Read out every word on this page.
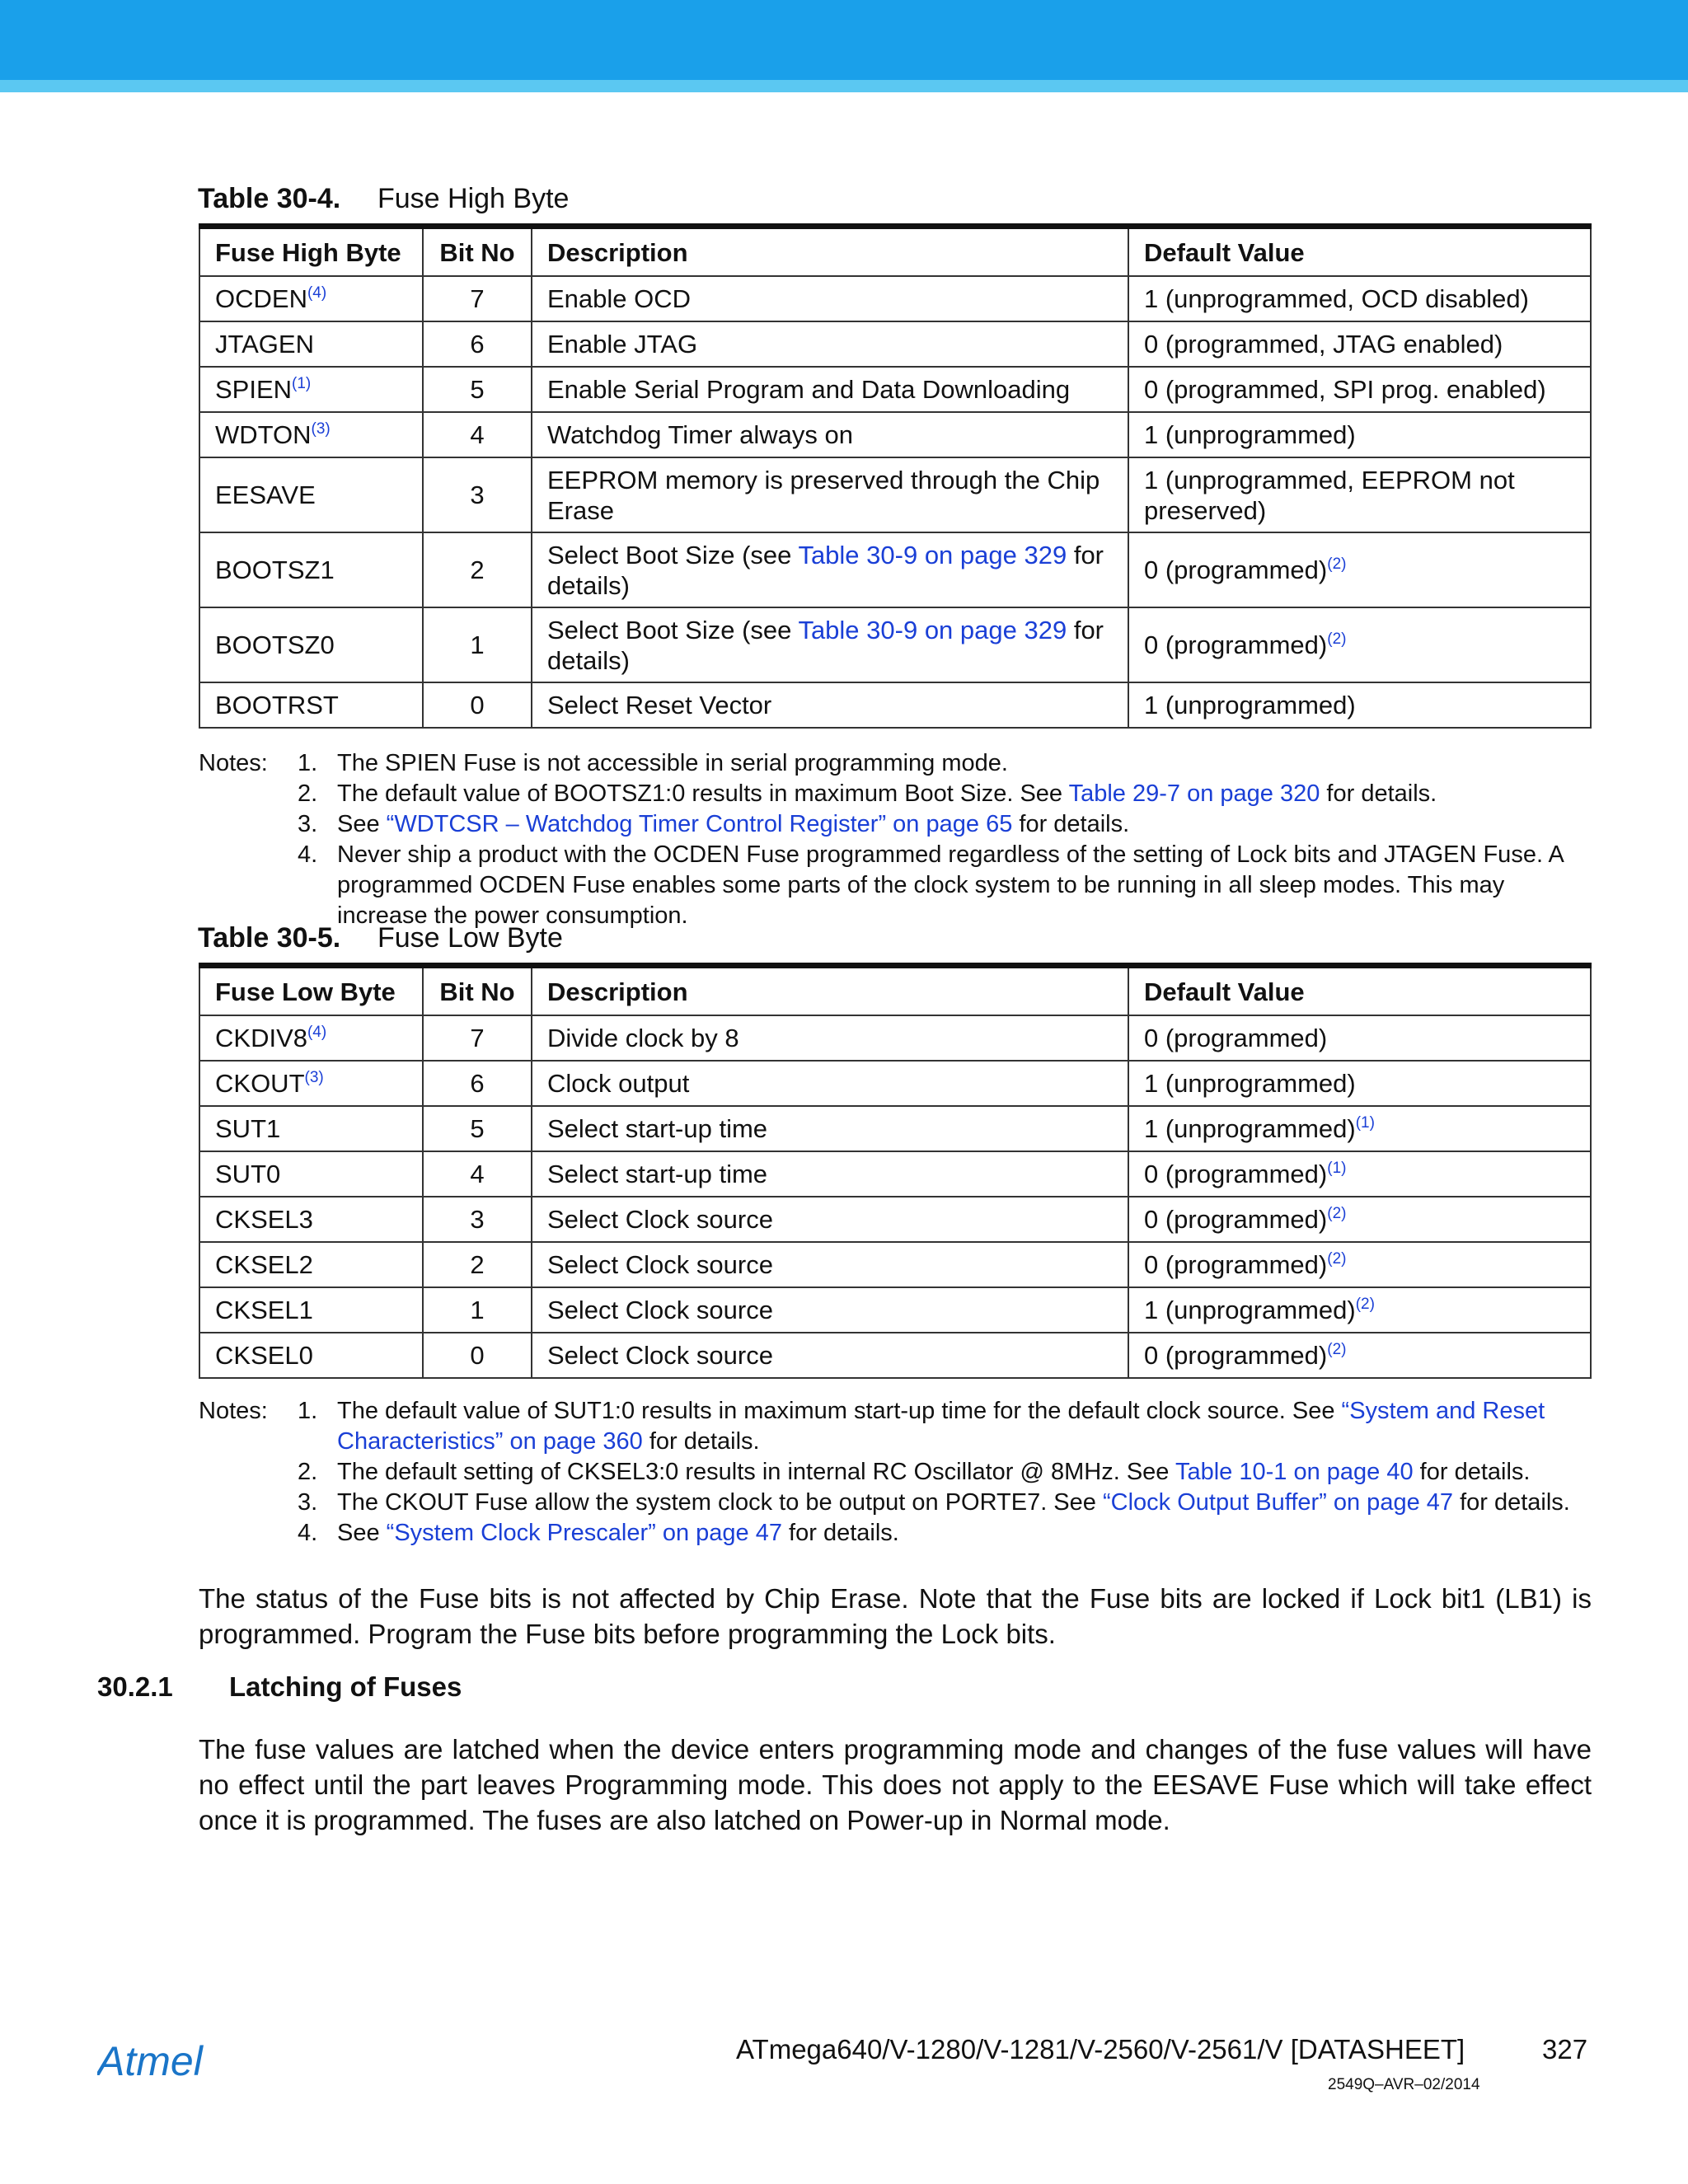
Table 30-4. Fuse High Byte
Fuse High Byte	Bit No	Description	Default Value
OCDEN$^{(4)}$	7	Enable OCD	1 (unprogrammed, OCD disabled)
JTAGEN	6	Enable JTAG	0 (programmed, JTAG enabled)
SPIEN$^{(1)}$	5	Enable Serial Program and Data Downloading	0 (programmed, SPI prog. enabled)
WDTON$^{(3)}$	4	Watchdog Timer always on	1 (unprogrammed)
EESAVE	3	EEPROM memory is preserved through the Chip Erase	1 (unprogrammed, EEPROM not preserved)
BOOTSZ1	2	Select Boot Size (see Table 30-9 on page 329 for details)	0 (programmed)$^{(2)}$
BOOTSZ0	1	Select Boot Size (see Table 30-9 on page 329 for details)	0 (programmed)$^{(2)}$
BOOTRST	0	Select Reset Vector	1 (unprogrammed)
Notes: 1. The SPIEN Fuse is not accessible in serial programming mode.
2. The default value of BOOTSZ1:0 results in maximum Boot Size. See Table 29-7 on page 320 for details.
3. See “WDTCSR – Watchdog Timer Control Register” on page 65 for details.
4. Never ship a product with the OCDEN Fuse programmed regardless of the setting of Lock bits and JTAGEN Fuse. A programmed OCDEN Fuse enables some parts of the clock system to be running in all sleep modes. This may increase the power consumption.
Table 30-5. Fuse Low Byte
Fuse Low Byte	Bit No	Description	Default Value
CKDIV8$^{(4)}$	7	Divide clock by 8	0 (programmed)
CKOUT$^{(3)}$	6	Clock output	1 (unprogrammed)
SUT1	5	Select start-up time	1 (unprogrammed)$^{(1)}$
SUT0	4	Select start-up time	0 (programmed)$^{(1)}$
CKSEL3	3	Select Clock source	0 (programmed)$^{(2)}$
CKSEL2	2	Select Clock source	0 (programmed)$^{(2)}$
CKSEL1	1	Select Clock source	1 (unprogrammed)$^{(2)}$
CKSEL0	0	Select Clock source	0 (programmed)$^{(2)}$
Notes: 1. The default value of SUT1:0 results in maximum start-up time for the default clock source. See “System and Reset Characteristics” on page 360 for details.
2. The default setting of CKSEL3:0 results in internal RC Oscillator @ 8MHz. See Table 10-1 on page 40 for details.
3. The CKOUT Fuse allow the system clock to be output on PORTE7. See “Clock Output Buffer” on page 47 for details.
4. See “System Clock Prescaler” on page 47 for details.
The status of the Fuse bits is not affected by Chip Erase. Note that the Fuse bits are locked if Lock bit1 (LB1) is programmed. Program the Fuse bits before programming the Lock bits.
30.2.1 Latching of Fuses
The fuse values are latched when the device enters programming mode and changes of the fuse values will have no effect until the part leaves Programming mode. This does not apply to the EESAVE Fuse which will take effect once it is programmed. The fuses are also latched on Power-up in Normal mode.
Atmel	ATmega640/V-1280/V-1281/V-2560/V-2561/V [DATASHEET]	327
2549Q–AVR–02/2014
